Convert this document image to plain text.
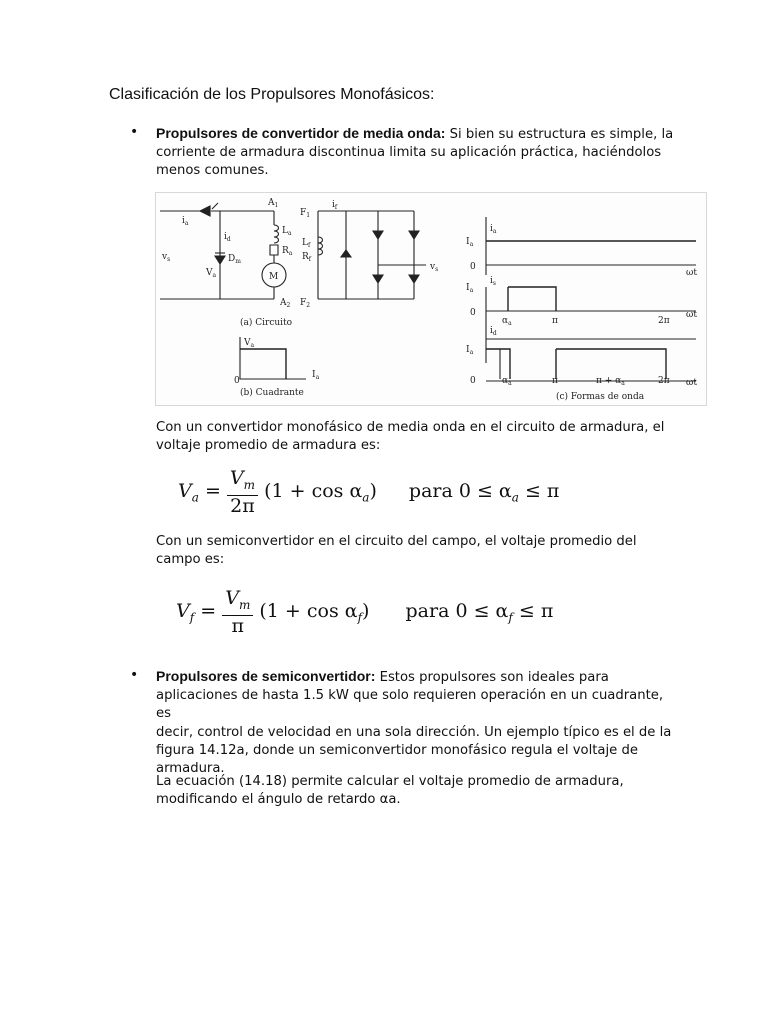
Clasificación de los Propulsores Monofásicos:
• Propulsores de convertidor de media onda: Si bien su estructura es simple, la
corriente de armadura discontinua limita su aplicación práctica, haciéndolos
menos comunes.
$A_1$
$A_2$
$F_1$
$F_2$
$i_a$
$i_d$
$L_a$
$R_a$
$D_m$
$V_a$
$v_s$
M
$L_f$
$R_f$
$i_f$
$v_s$
$I_a$
0
ωt
$I_a$
0
$\alpha_a$	π	2π
ωt
$I_a$
0	$\alpha_a$	π	$\pi + \alpha_a$	2π ωt
$i_a$
$i_s$
$i_d$
$V_a$
0
$I_a$
(a) Circuito
(b) Cuadrante	(c) Formas de onda
Con un convertidor monofásico de media onda en el circuito de armadura, el
voltaje promedio de armadura es:
$V_a = \frac{V_m}{2\pi} (1 + \cos \alpha_a)$ para $0 \le \alpha_a \le \pi$
Con un semiconvertidor en el circuito del campo, el voltaje promedio del
campo es:
$V_f = \frac{V_m}{\pi} (1 + \cos \alpha_f)$ para $0 \le \alpha_f \le \pi$
• Propulsores de semiconvertidor: Estos propulsores son ideales para
aplicaciones de hasta 1.5 kW que solo requieren operación en un cuadrante, es
decir, control de velocidad en una sola dirección. Un ejemplo típico es el de la
figura 14.12a, donde un semiconvertidor monofásico regula el voltaje de
armadura.
La ecuación (14.18) permite calcular el voltaje promedio de armadura,
modificando el ángulo de retardo αa.
